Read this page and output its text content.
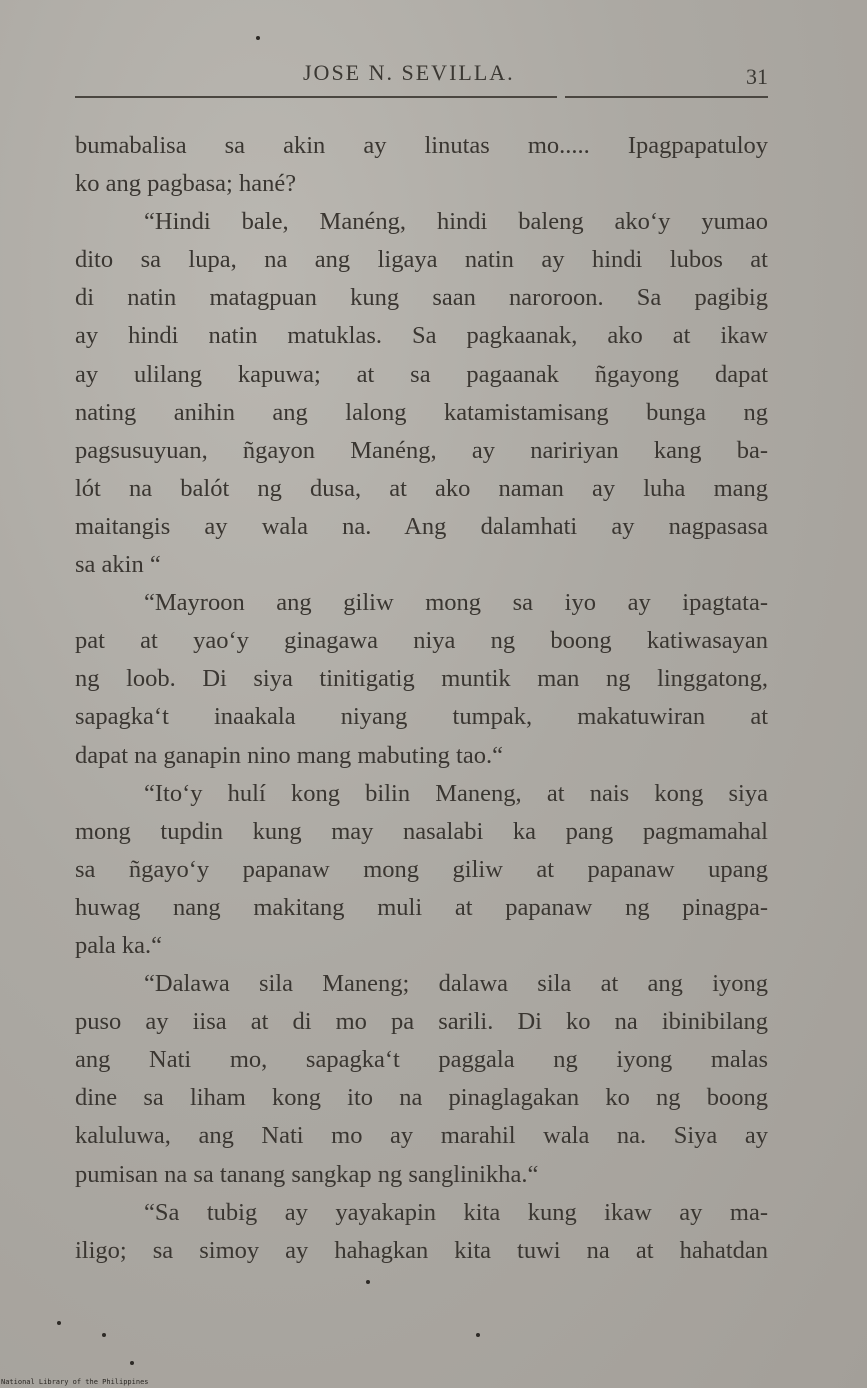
JOSE N. SEVILLA.	31
bumabalisa sa akin ay linutas mo..... Ipagpapatuloy
ko ang pagbasa; hané?
“Hindi bale, Manéng, hindi baleng ako‘y yumao
dito sa lupa, na ang ligaya natin ay hindi lubos at
di natin matagpuan kung saan naroroon. Sa pagibig
ay hindi natin matuklas. Sa pagkaanak, ako at ikaw
ay ulilang kapuwa; at sa pagaanak ñgayong dapat
nating anihin ang lalong katamistamisang bunga ng
pagsusuyuan, ñgayon Manéng, ay naririyan kang ba-
lót na balót ng dusa, at ako naman ay luha mang
maitangis ay wala na. Ang dalamhati ay nagpasasa
sa akin “
“Mayroon ang giliw mong sa iyo ay ipagtata-
pat at yao‘y ginagawa niya ng boong katiwasayan
ng loob. Di siya tinitigatig muntik man ng linggatong,
sapagka‘t inaakala niyang tumpak, makatuwiran at
dapat na ganapin nino mang mabuting tao.“
“Ito‘y hulí kong bilin Maneng, at nais kong siya
mong tupdin kung may nasalabi ka pang pagmamahal
sa ñgayo‘y papanaw mong giliw at papanaw upang
huwag nang makitang muli at papanaw ng pinagpa-
pala ka.“
“Dalawa sila Maneng; dalawa sila at ang iyong
puso ay iisa at di mo pa sarili. Di ko na ibinibilang
ang Nati mo, sapagka‘t paggala ng iyong malas
dine sa liham kong ito na pinaglagakan ko ng boong
kaluluwa, ang Nati mo ay marahil wala na. Siya ay
pumisan na sa tanang sangkap ng sanglinikha.“
“Sa tubig ay yayakapin kita kung ikaw ay ma-
iligo; sa simoy ay hahagkan kita tuwi na at hahatdan
National Library of the Philippines
